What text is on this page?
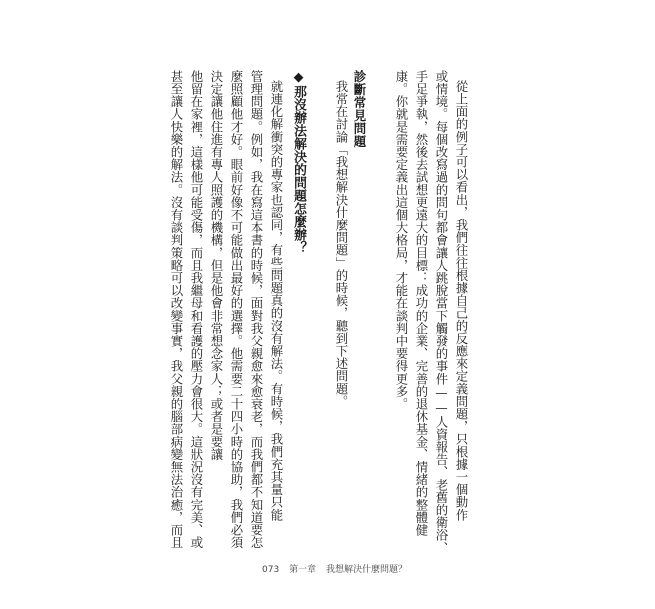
從上面的例子可以看出，我們往往根據自己的反應來定義問題，只根據一個動作
或情境。每個改寫過的問句都會讓人跳脫當下觸發的事件——人資報告、老舊的衛浴、
手足爭執，然後去試想更遠大的目標：成功的企業、完善的退休基金、情緒的整體健
康。你就是需要定義出這個大格局，才能在談判中要得更多。
診斷常見問題
我常在討論「我想解決什麼問題」的時候，聽到下述問題。
◆那沒辦法解決的問題怎麼辦？
就連化解衝突的專家也認同，有些問題真的沒有解法。有時候，我們充其量只能
管理問題。例如，我在寫這本書的時候，面對我父親愈來愈衰老，而我們都不知道要怎
麼照顧他才好。眼前好像不可能做出最好的選擇。他需要二十四小時的協助，我們必須
決定讓他住進有專人照護的機構，但是他會非常想念家人；或者是要讓
他留在家裡，這樣他可能受傷，而且我繼母和看護的壓力會很大。這狀況沒有完美、或
甚至讓人快樂的解法。沒有談判策略可以改變事實，我父親的腦部病變無法治癒，而且
073 第一章 我想解決什麼問題？
